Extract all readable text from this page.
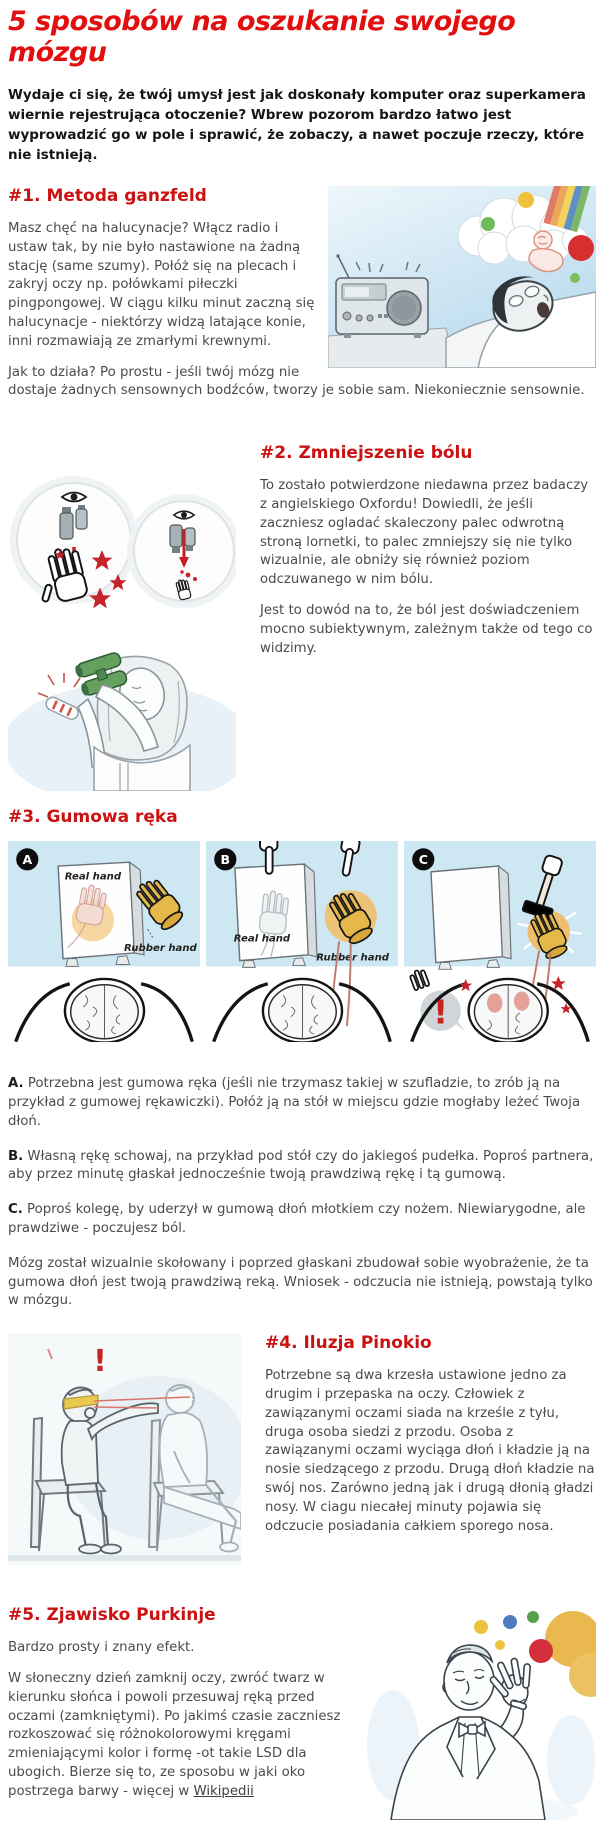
5 sposobów na oszukanie swojego mózgu

Wydaje ci się, że twój umysł jest jak doskonały komputer oraz superkamera wiernie rejestrująca otoczenie? Wbrew pozorom bardzo łatwo jest wyprowadzić go w pole i sprawić, że zobaczy, a nawet poczuje rzeczy, które nie istnieją.

#1. Metoda ganzfeld

Masz chęć na halucynacje? Włącz radio i ustaw tak, by nie było nastawione na żadną stację (same szumy). Połóż się na plecach i zakryj oczy np. połówkami piłeczki pingpongowej. W ciągu kilku minut zaczną się halucynacje - niektórzy widzą latające konie, inni rozmawiają ze zmarłymi krewnymi.

Jak to działa? Po prostu - jeśli twój mózg nie dostaje żadnych sensownych bodźców, tworzy je sobie sam. Niekoniecznie sensownie.

#2. Zmniejszenie bólu

To zostało potwierdzone niedawna przez badaczy z angielskiego Oxfordu! Dowiedli, że jeśli zaczniesz ogladać skaleczony palec odwrotną stroną lornetki, to palec zmniejszy się nie tylko wizualnie, ale obniży się również poziom odczuwanego w nim bólu.

Jest to dowód na to, że ból jest doświadczeniem mocno subiektywnym, zależnym także od tego co widzimy.

#3. Gumowa ręka
A
Real hand
Rubber hand
B
Real hand
Rubber hand
C
!

A. Potrzebna jest gumowa ręka (jeśli nie trzymasz takiej w szufladzie, to zrób ją na przykład z gumowej rękawiczki). Połóż ją na stół w miejscu gdzie mogłaby leżeć Twoja dłoń.

B. Własną rękę schowaj, na przykład pod stół czy do jakiegoś pudełka. Poproś partnera, aby przez minutę głaskał jednocześnie twoją prawdziwą rękę i tą gumową.

C. Poproś kolegę, by uderzył w gumową dłoń młotkiem czy nożem. Niewiarygodne, ale prawdziwe - poczujesz ból.

Mózg został wizualnie skołowany i poprzed głaskani zbudował sobie wyobrażenie, że ta gumowa dłoń jest twoją prawdziwą reką. Wniosek - odczucia nie istnieją, powstają tylko w mózgu.

!
#4. Iluzja Pinokio

Potrzebne są dwa krzesła ustawione jedno za drugim i przepaska na oczy. Człowiek z zawiązanymi oczami siada na krześle z tyłu, druga osoba siedzi z przodu. Osoba z zawiązanymi oczami wyciąga dłoń i kładzie ją na nosie siedzącego z przodu. Drugą dłoń kładzie na swój nos. Zarówno jedną jak i drugą dłonią gładzi nosy. W ciagu niecałej minuty pojawia się odczucie posiadania całkiem sporego nosa.

#5. Zjawisko Purkinje

Bardzo prosty i znany efekt.

W słoneczny dzień zamknij oczy, zwróć twarz w kierunku słońca i powoli przesuwaj ręką przed oczami (zamkniętymi). Po jakimś czasie zaczniesz rozkoszować się różnokolorowymi kręgami zmieniającymi kolor i formę -ot takie LSD dla ubogich. Bierze się to, ze sposobu w jaki oko postrzega barwy - więcej w Wikipedii
